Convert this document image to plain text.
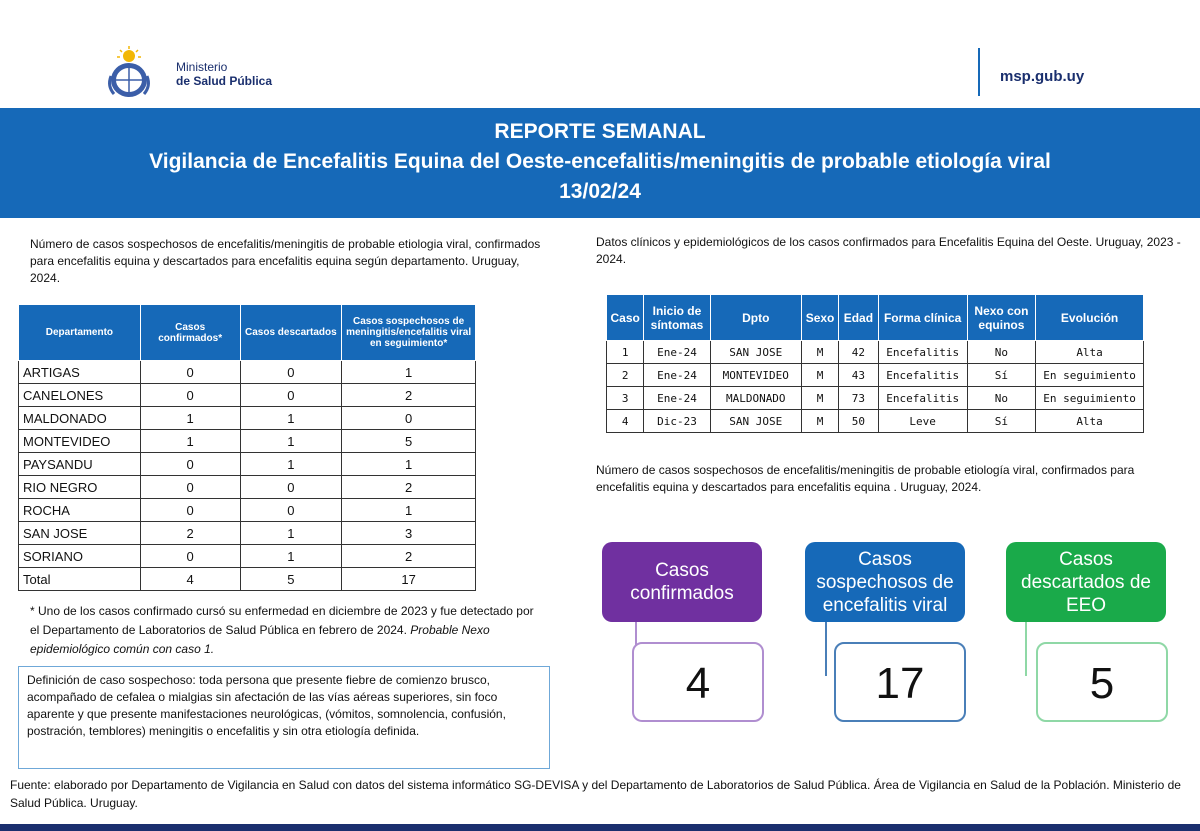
Ministerio
de Salud Pública	msp.gub.uy
REPORTE SEMANAL
Vigilancia de Encefalitis Equina del Oeste-encefalitis/meningitis de probable etiología viral
13/02/24
Número de casos sospechosos de encefalitis/meningitis de probable etiologia viral, confirmados para encefalitis equina y descartados para encefalitis equina según departamento. Uruguay, 2024.
Departamento	Casos confirmados*	Casos descartados	Casos sospechosos de meningitis/encefalitis viral en seguimiento*
ARTIGAS	0	0	1
CANELONES	0	0	2
MALDONADO	1	1	0
MONTEVIDEO	1	1	5
PAYSANDU	0	1	1
RIO NEGRO	0	0	2
ROCHA	0	0	1
SAN JOSE	2	1	3
SORIANO	0	1	2
Total	4	5	17
* Uno de los casos confirmado cursó su enfermedad en diciembre de 2023 y fue detectado por el Departamento de Laboratorios de Salud Pública en febrero de 2024. Probable Nexo epidemiológico común con caso 1.
Definición de caso sospechoso: toda persona que presente fiebre de comienzo brusco, acompañado de cefalea o mialgias sin afectación de las vías aéreas superiores, sin foco aparente y que presente manifestaciones neurológicas, (vómitos, somnolencia, confusión, postración, temblores) meningitis o encefalitis y sin otra etiología definida.
Datos clínicos y epidemiológicos de los casos confirmados para Encefalitis Equina del Oeste. Uruguay, 2023 - 2024.
Caso	Inicio de síntomas	Dpto	Sexo	Edad	Forma clínica	Nexo con equinos	Evolución
1	Ene-24	SAN JOSE	M	42	Encefalitis	No	Alta
2	Ene-24	MONTEVIDEO	M	43	Encefalitis	Sí	En seguimiento
3	Ene-24	MALDONADO	M	73	Encefalitis	No	En seguimiento
4	Dic-23	SAN JOSE	M	50	Leve	Sí	Alta
Número de casos sospechosos de encefalitis/meningitis de probable etiología viral, confirmados para encefalitis equina y descartados para encefalitis equina . Uruguay, 2024.
Casos confirmados
Casos sospechosos de encefalitis viral
Casos descartados de EEO
4	17	5
Fuente: elaborado por Departamento de Vigilancia en Salud con datos del sistema informático SG-DEVISA y del Departamento de Laboratorios de Salud Pública. Área de Vigilancia en Salud de la Población. Ministerio de Salud Pública. Uruguay.
